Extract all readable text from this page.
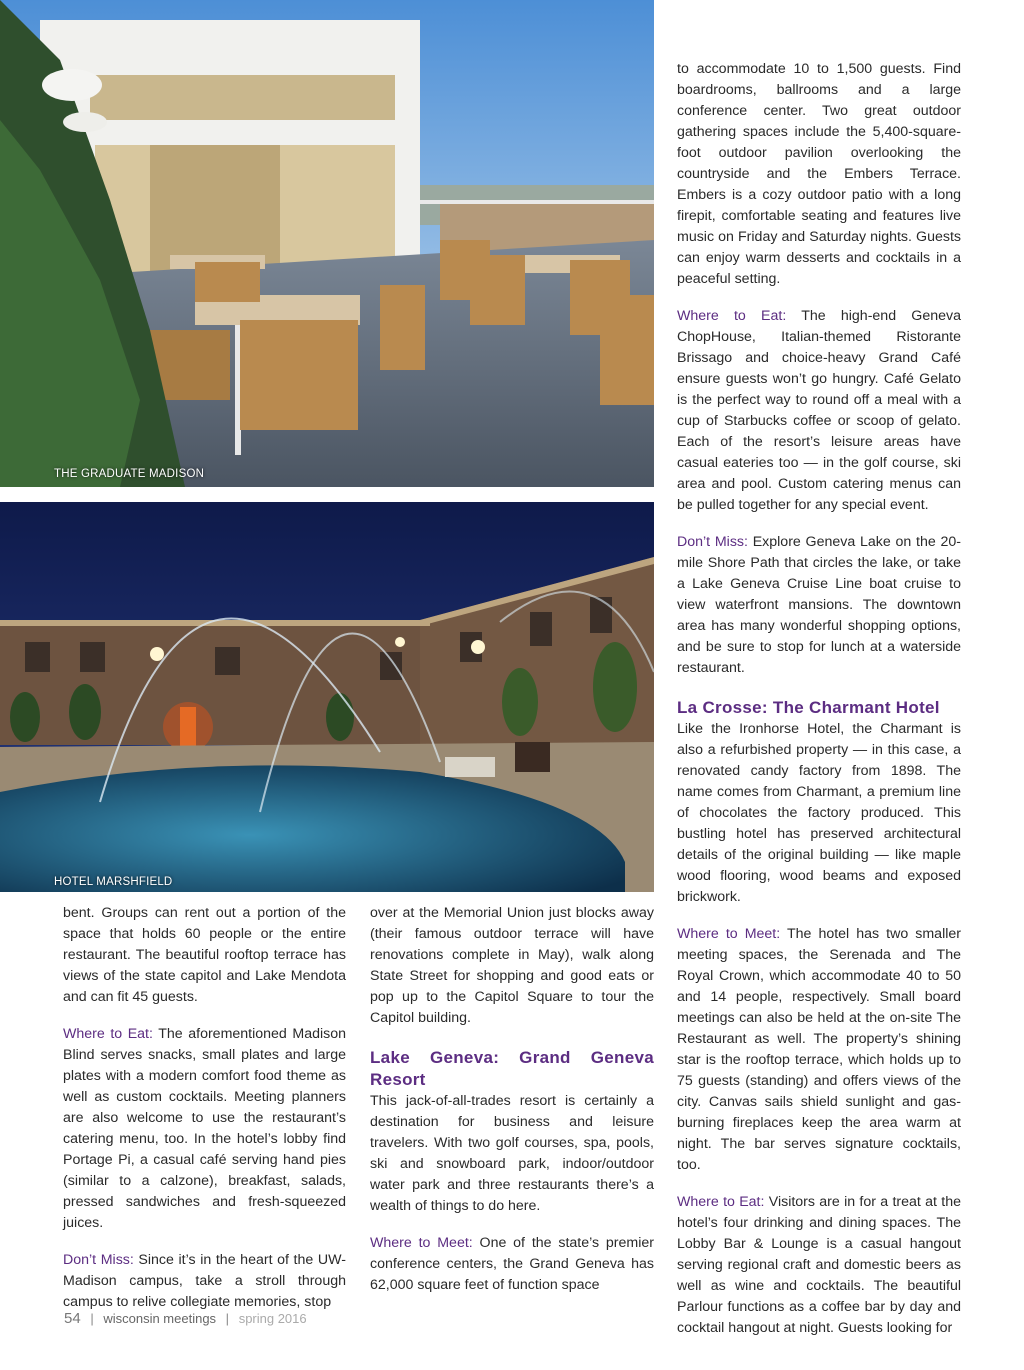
THE GRADUATE MADISON
HOTEL MARSHFIELD

bent. Groups can rent out a portion of the space that holds 60 people or the entire restaurant. The beautiful rooftop terrace has views of the state capitol and Lake Mendota and can fit 45 guests.

Where to Eat: The aforementioned Madison Blind serves snacks, small plates and large plates with a modern comfort food theme as well as custom cocktails. Meeting planners are also welcome to use the restaurant’s catering menu, too. In the hotel’s lobby find Portage Pi, a casual café serving hand pies (similar to a calzone), breakfast, salads, pressed sandwiches and fresh-squeezed juices.

Don’t Miss: Since it’s in the heart of the UW-Madison campus, take a stroll through campus to relive collegiate memories, stop

over at the Memorial Union just blocks away (their famous outdoor terrace will have renovations complete in May), walk along State Street for shopping and good eats or pop up to the Capitol Square to tour the Capitol building.

Lake Geneva: Grand Geneva Resort

This jack-of-all-trades resort is certainly a destination for business and leisure travelers. With two golf courses, spa, pools, ski and snowboard park, indoor/outdoor water park and three restaurants there’s a wealth of things to do here.

Where to Meet: One of the state’s premier conference centers, the Grand Geneva has 62,000 square feet of function space

to accommodate 10 to 1,500 guests. Find boardrooms, ballrooms and a large conference center. Two great outdoor gathering spaces include the 5,400-square-foot outdoor pavilion overlooking the countryside and the Embers Terrace. Embers is a cozy outdoor patio with a long firepit, comfortable seating and features live music on Friday and Saturday nights. Guests can enjoy warm desserts and cocktails in a peaceful setting.

Where to Eat: The high-end Geneva ChopHouse, Italian-themed Ristorante Brissago and choice-heavy Grand Café ensure guests won’t go hungry. Café Gelato is the perfect way to round off a meal with a cup of Starbucks coffee or scoop of gelato. Each of the resort’s leisure areas have casual eateries too — in the golf course, ski area and pool. Custom catering menus can be pulled together for any special event.

Don’t Miss: Explore Geneva Lake on the 20-mile Shore Path that circles the lake, or take a Lake Geneva Cruise Line boat cruise to view waterfront mansions. The downtown area has many wonderful shopping options, and be sure to stop for lunch at a waterside restaurant.

La Crosse: The Charmant Hotel

Like the Ironhorse Hotel, the Charmant is also a refurbished property — in this case, a renovated candy factory from 1898. The name comes from Charmant, a premium line of chocolates the factory produced. This bustling hotel has preserved architectural details of the original building — like maple wood flooring, wood beams and exposed brickwork.

Where to Meet: The hotel has two smaller meeting spaces, the Serenada and The Royal Crown, which accommodate 40 to 50 and 14 people, respectively. Small board meetings can also be held at the on-site The Restaurant as well. The property’s shining star is the rooftop terrace, which holds up to 75 guests (standing) and offers views of the city. Canvas sails shield sunlight and gas-burning fireplaces keep the area warm at night. The bar serves signature cocktails, too.

Where to Eat: Visitors are in for a treat at the hotel’s four drinking and dining spaces. The Lobby Bar & Lounge is a casual hangout serving regional craft and domestic beers as well as wine and cocktails. The beautiful Parlour functions as a coffee bar by day and cocktail hangout at night. Guests looking for

54 | wisconsin meetings | spring 2016
